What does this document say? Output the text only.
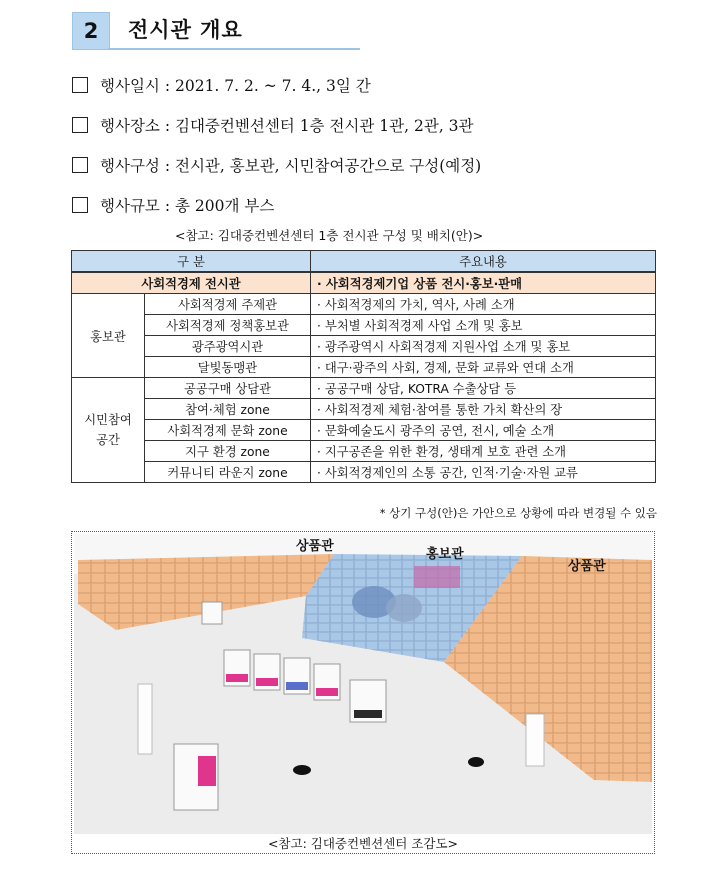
2	전시관 개요
행사일시 : 2021. 7. 2. ~ 7. 4., 3일 간
행사장소 : 김대중컨벤션센터 1층 전시관 1관, 2관, 3관
행사구성 : 전시관, 홍보관, 시민참여공간으로 구성(예정)
행사규모 : 총 200개 부스
<참고: 김대중컨벤션센터 1층 전시관 구성 및 배치(안)>
구 분		주요내용
사회적경제 전시관		· 사회적경제기업 상품 전시·홍보·판매
홍보관	사회적경제 주제관	· 사회적경제의 가치, 역사, 사례 소개
	사회적경제 정책홍보관	· 부처별 사회적경제 사업 소개 및 홍보
	광주광역시관	· 광주광역시 사회적경제 지원사업 소개 및 홍보
	달빛동맹관	· 대구·광주의 사회, 경제, 문화 교류와 연대 소개
시민참여
공간	공공구매 상담관	· 공공구매 상담, KOTRA 수출상담 등
	참여·체험 zone	· 사회적경제 체험·참여를 통한 가치 확산의 장
	사회적경제 문화 zone	· 문화예술도시 광주의 공연, 전시, 예술 소개
	지구 환경 zone	· 지구공존을 위한 환경, 생태계 보호 관련 소개
	커뮤니티 라운지 zone	· 사회적경제인의 소통 공간, 인적·기술·자원 교류
* 상기 구성(안)은 가안으로 상황에 따라 변경될 수 있음
상품관
홍보관
상품관
<참고: 김대중컨벤션센터 조감도>
